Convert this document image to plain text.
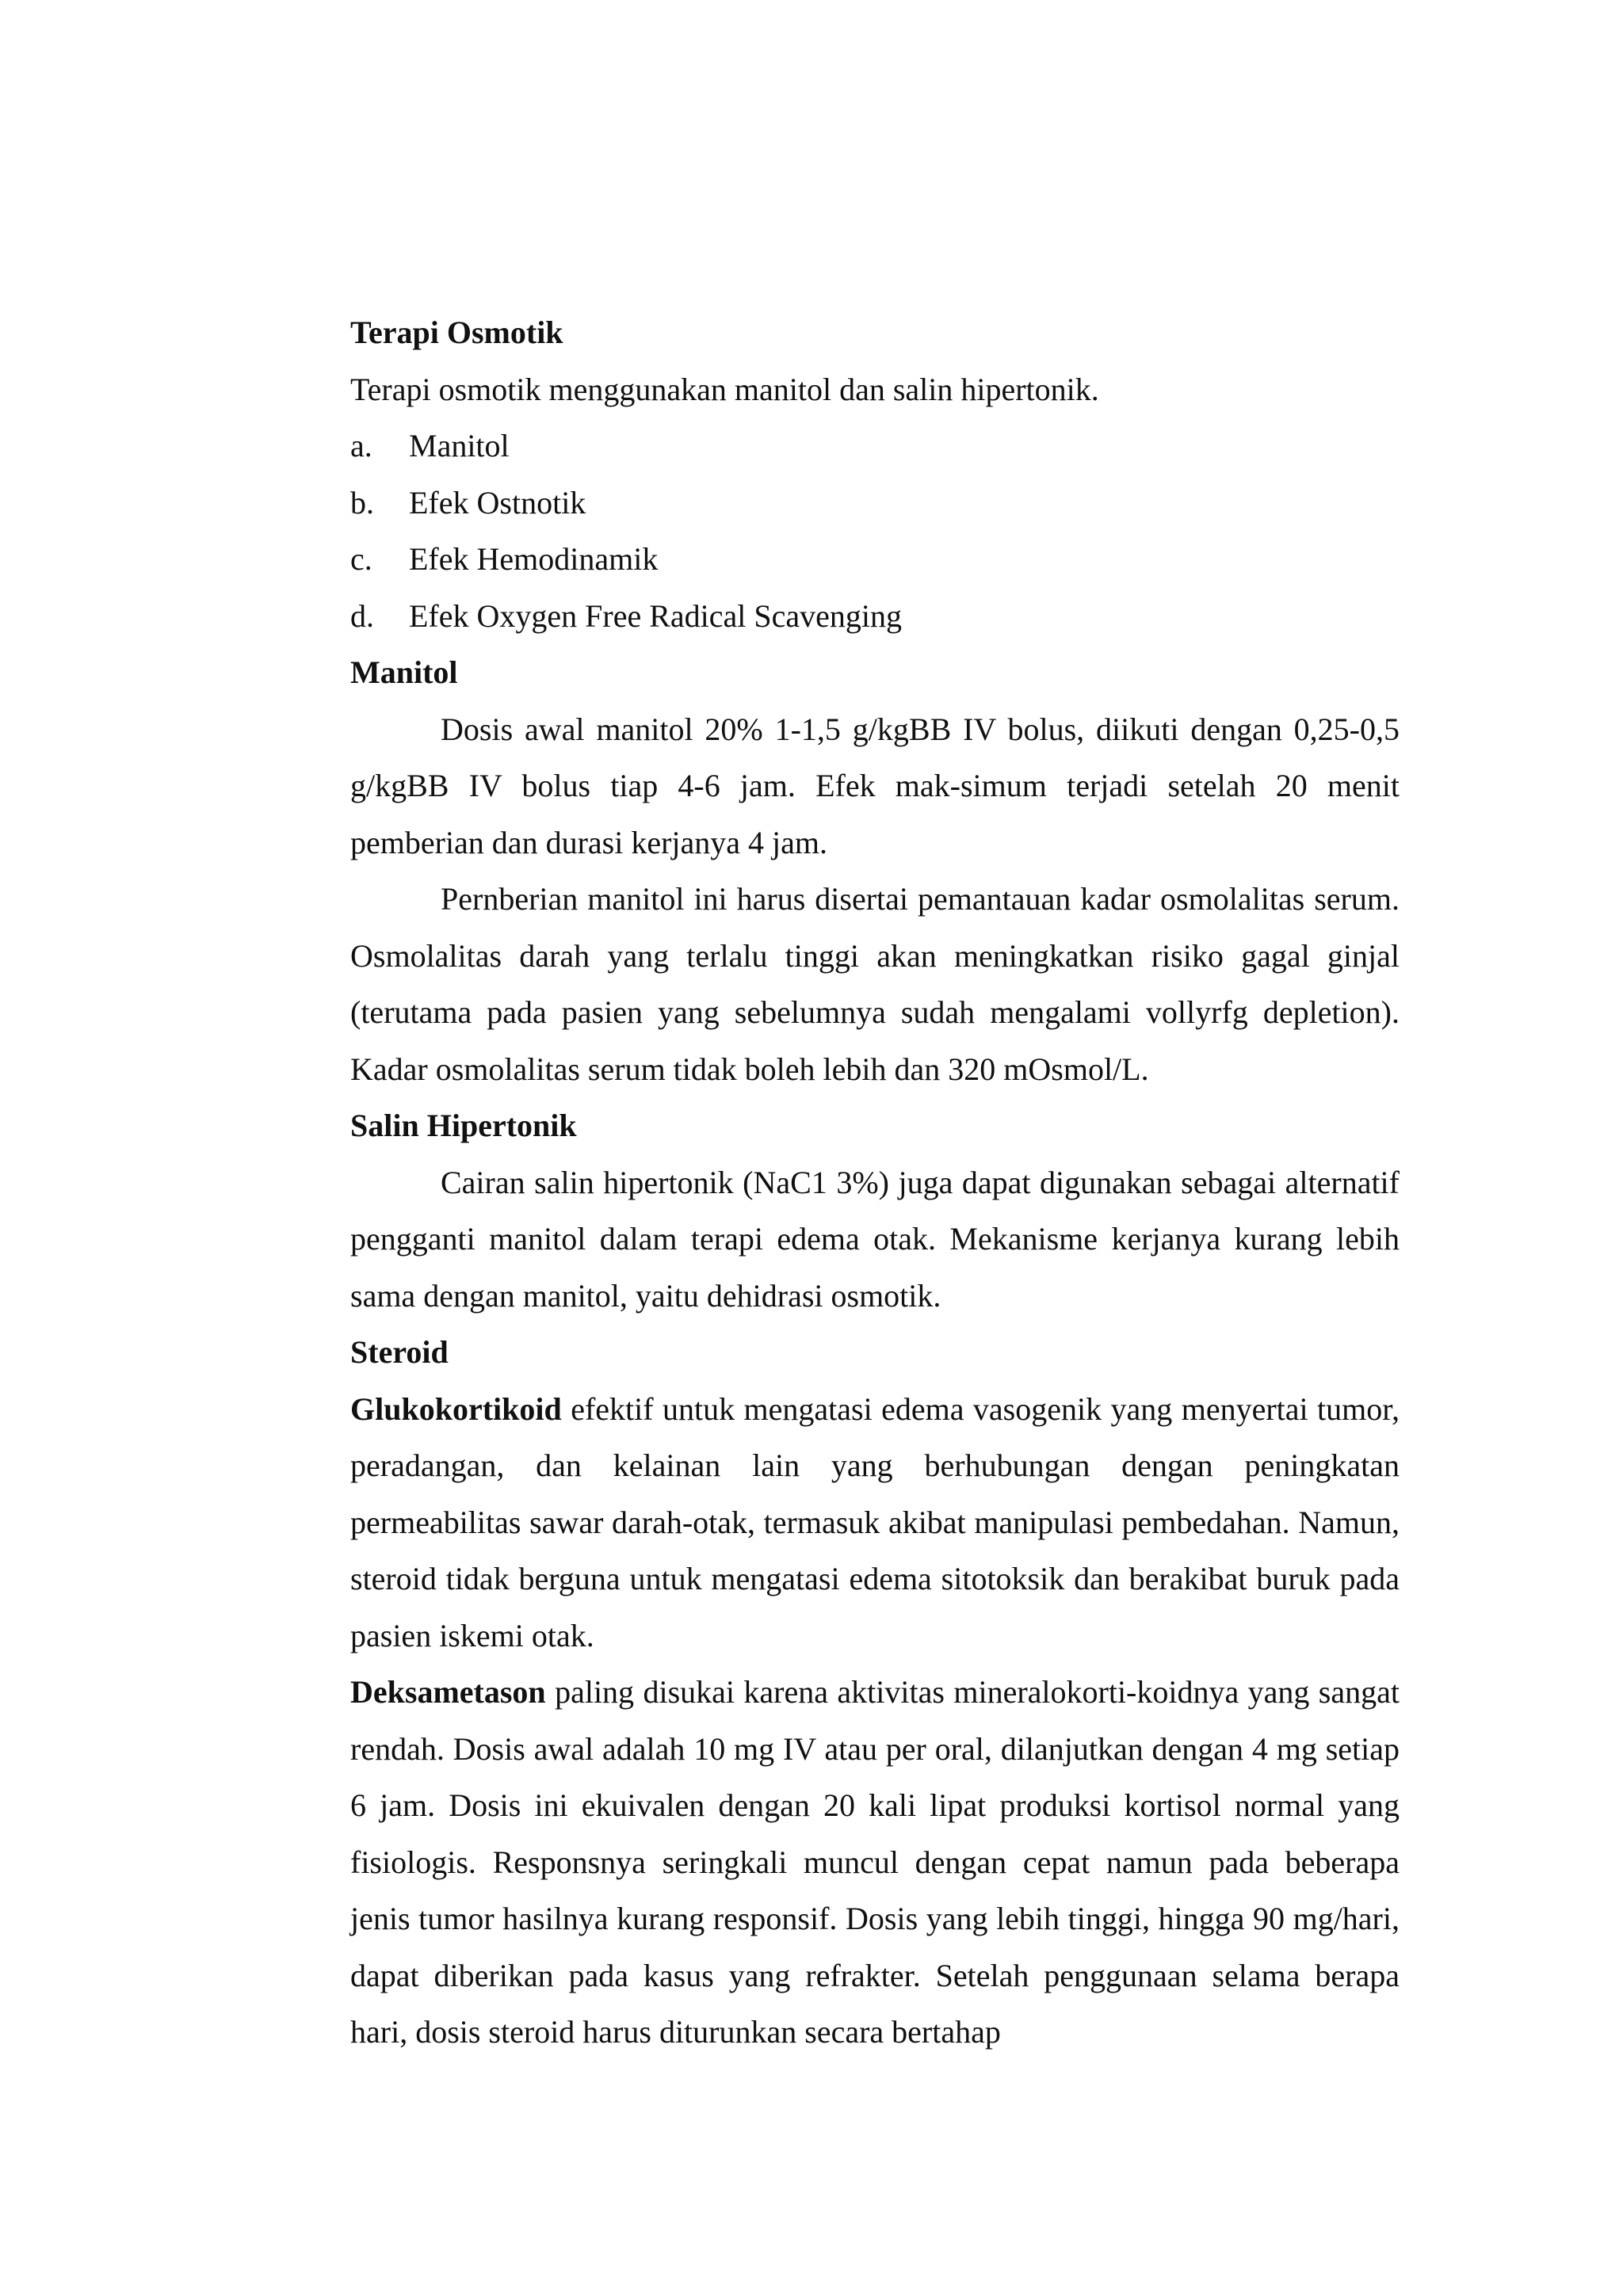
Terapi Osmotik

Terapi osmotik menggunakan manitol dan salin hipertonik.

a.	Manitol
b.	Efek Ostnotik
c.	Efek Hemodinamik
d.	Efek Oxygen Free Radical Scavenging

Manitol

Dosis awal manitol 20% 1-1,5 g/kgBB IV bolus, diikuti dengan 0,25-0,5 g/kgBB IV bolus tiap 4-6 jam. Efek mak-simum terjadi setelah 20 menit pemberian dan durasi kerjanya 4 jam.

Pernberian manitol ini harus disertai pemantauan kadar osmolalitas serum. Osmolalitas darah yang terlalu tinggi akan meningkatkan risiko gagal ginjal (terutama pada pasien yang sebelumnya sudah mengalami vollyrfg depletion). Kadar osmolalitas serum tidak boleh lebih dan 320 mOsmol/L.

Salin Hipertonik

Cairan salin hipertonik (NaC1 3%) juga dapat digunakan sebagai alternatif pengganti manitol dalam terapi edema otak. Mekanisme kerjanya kurang lebih sama dengan manitol, yaitu dehidrasi osmotik.

Steroid

Glukokortikoid efektif untuk mengatasi edema vasogenik yang menyertai tumor, peradangan, dan kelainan lain yang berhubungan dengan peningkatan permeabilitas sawar darah-otak, termasuk akibat manipulasi pembedahan. Namun, steroid tidak berguna untuk mengatasi edema sitotoksik dan berakibat buruk pada pasien iskemi otak.

Deksametason paling disukai karena aktivitas mineralokorti-koidnya yang sangat rendah. Dosis awal adalah 10 mg IV atau per oral, dilanjutkan dengan 4 mg setiap 6 jam. Dosis ini ekuivalen dengan 20 kali lipat produksi kortisol normal yang fisiologis. Responsnya seringkali muncul dengan cepat namun pada beberapa jenis tumor hasilnya kurang responsif. Dosis yang lebih tinggi, hingga 90 mg/hari, dapat diberikan pada kasus yang refrakter. Setelah penggunaan selama berapa hari, dosis steroid harus diturunkan secara bertahap
